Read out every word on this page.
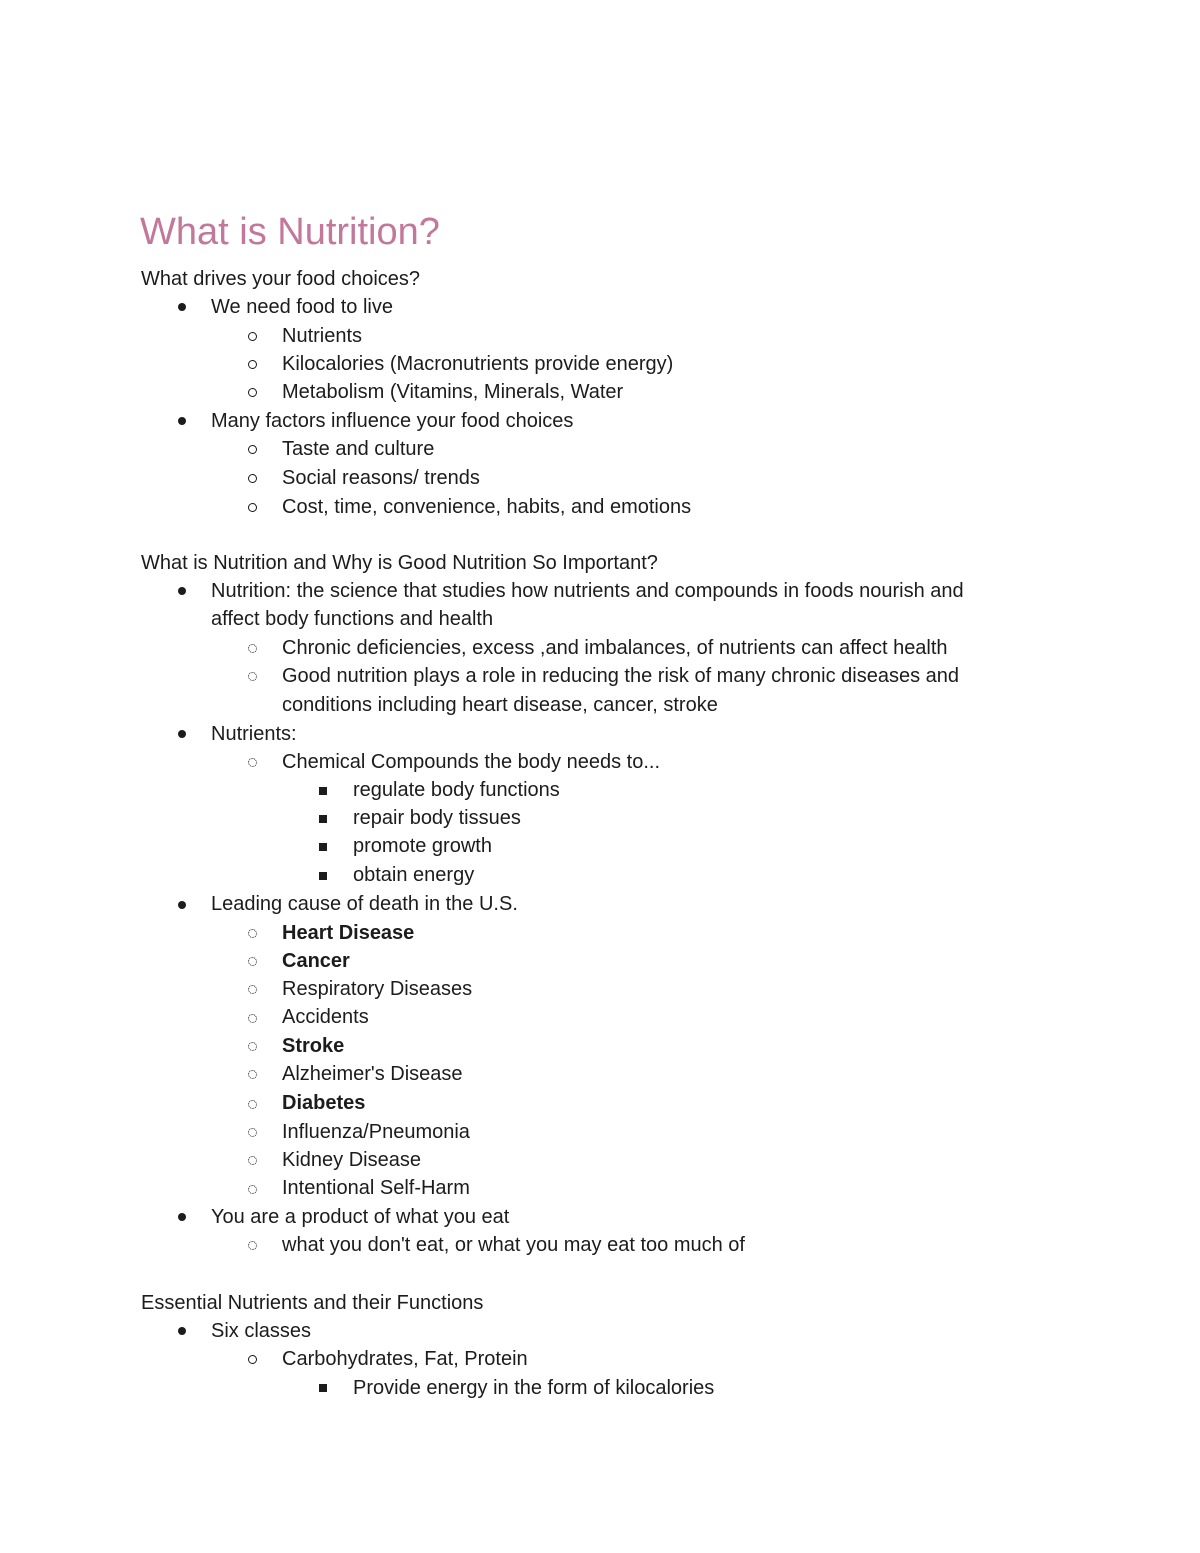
What is Nutrition?
What drives your food choices?
We need food to live
Nutrients
Kilocalories (Macronutrients provide energy)
Metabolism (Vitamins, Minerals, Water
Many factors influence your food choices
Taste and culture
Social reasons/ trends
Cost, time, convenience, habits, and emotions
What is Nutrition and Why is Good Nutrition So Important?
Nutrition: the science that studies how nutrients and compounds in foods nourish and
affect body functions and health
Chronic deficiencies, excess ,and imbalances, of nutrients can affect health
Good nutrition plays a role in reducing the risk of many chronic diseases and
conditions including heart disease, cancer, stroke
Nutrients:
Chemical Compounds the body needs to...
regulate body functions
repair body tissues
promote growth
obtain energy
Leading cause of death in the U.S.
Heart Disease
Cancer
Respiratory Diseases
Accidents
Stroke
Alzheimer's Disease
Diabetes
Influenza/Pneumonia
Kidney Disease
Intentional Self-Harm
You are a product of what you eat
what you don't eat, or what you may eat too much of
Essential Nutrients and their Functions
Six classes
Carbohydrates, Fat, Protein
Provide energy in the form of kilocalories
